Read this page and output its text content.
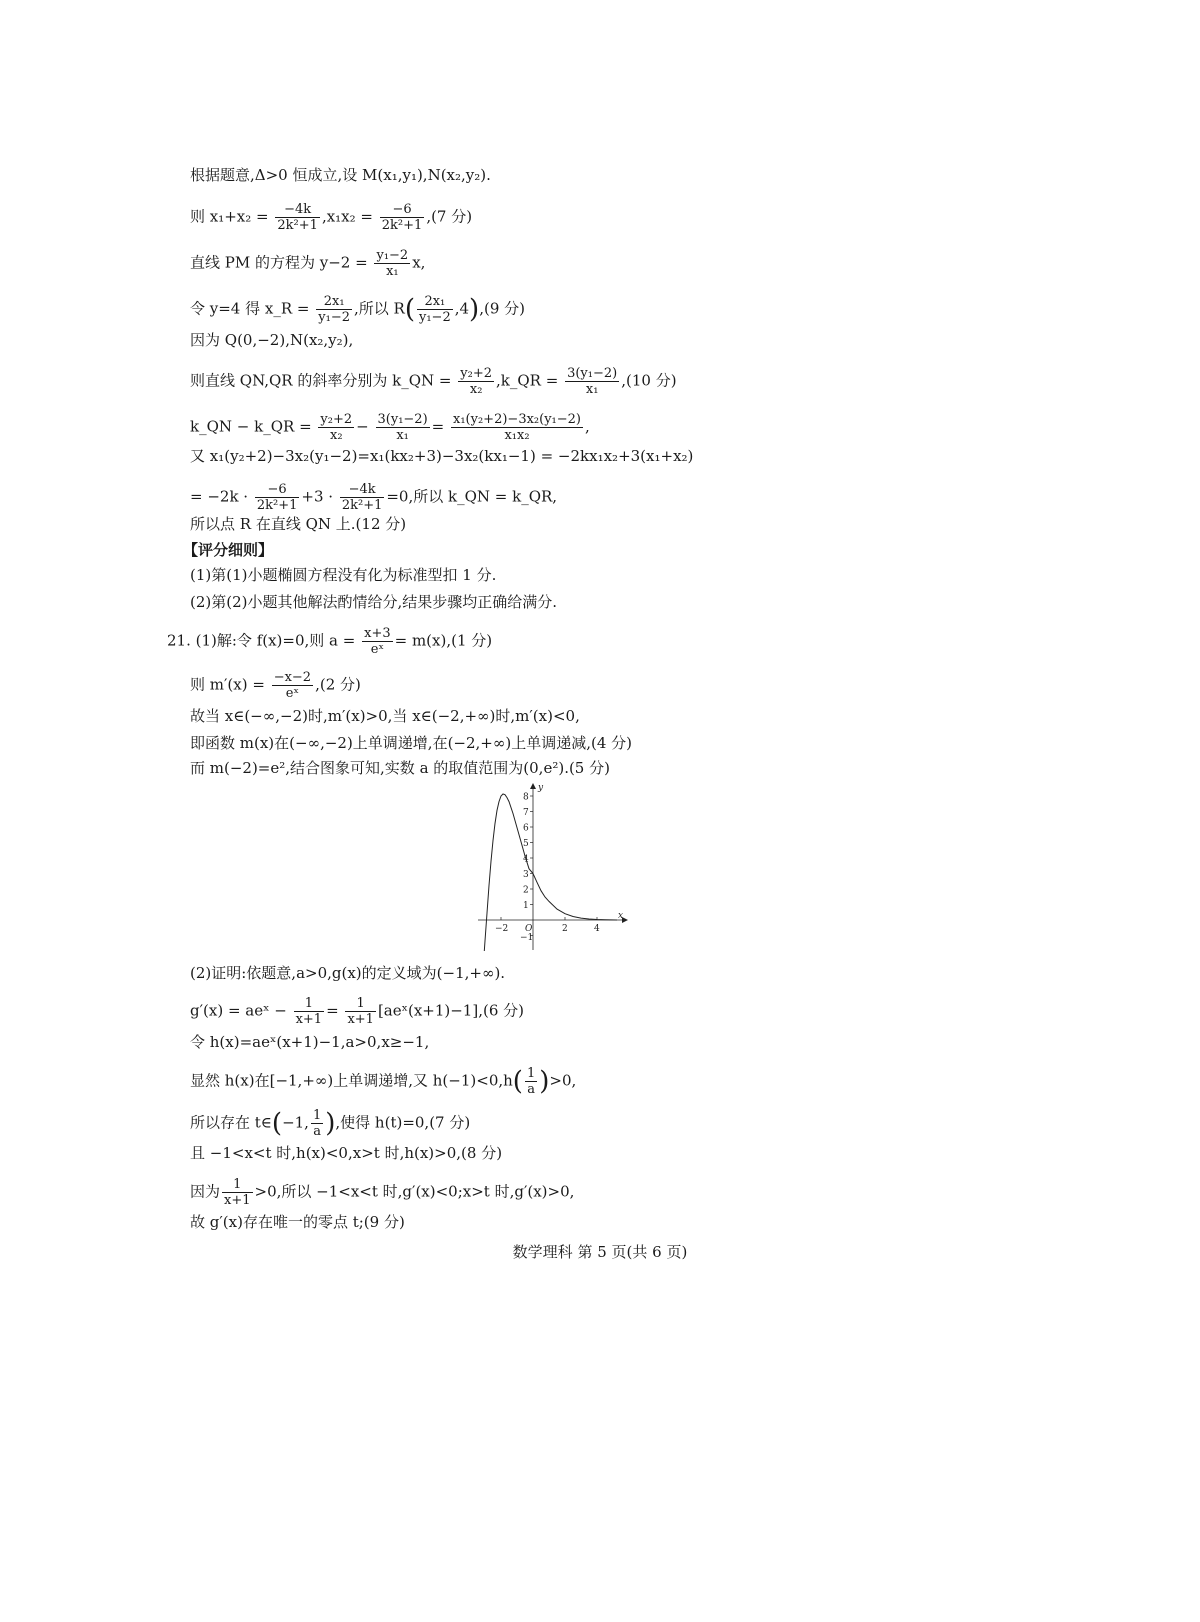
根据题意,Δ>0 恒成立,设 M(x₁,y₁),N(x₂,y₂).
则 $x_1+x_2 = \frac{-4k}{\text{2k²+1}} ,x_1x_2 = \frac{-6}{\text{2k²+1}} ,(7$ 分)
直线 PM 的方程为 $y-2 = \frac{\text{y₁−2}}{\text{x₁}} x$,
令 y=4 得 x_R = $\frac{\text{2x₁}}{\text{y₁−2}}$ ,所以 $R( \frac{\text{2x₁}}{\text{y₁−2}} ,4),(9$ 分)
因为 Q(0,−2),N(x₂,y₂),
则直线 QN,QR 的斜率分别为 k_QN = $\frac{\text{y₂+2}}{\text{x₂}}$ ,k_QR = $\frac{\text{3(y₁−2)}}{\text{x₁}} ,(10$ 分)
k_QN − k_QR = $\frac{\text{y₂+2}}{\text{x₂}} - \frac{\text{3(y₁−2)}}{\text{x₁}} = \frac{\text{x₁(y₂+2)−3x₂(y₁−2)}}{\text{x₁x₂}}$ ,
又 x₁(y₂+2)−3x₂(y₁−2)=x₁(kx₂+3)−3x₂(kx₁−1) = −2kx₁x₂+3(x₁+x₂)
= $-2k \cdot \frac{-6}{\text{2k²+1}} +3 \cdot \frac{-4k}{\text{2k²+1}} =0$,所以 k_QN = k_QR,
所以点 R 在直线 QN 上.(12 分)
【评分细则】
(1)第(1)小题椭圆方程没有化为标准型扣 1 分.
(2)第(2)小题其他解法酌情给分,结果步骤均正确给满分.
21. (1)解:令 f(x)=0,则 $a = \frac{x+3}{\text{eˣ}} = m(x),(1$ 分)
则 $m'(x) = \frac{-x-2}{\text{eˣ}} ,(2$ 分)
故当 x∈(−∞,−2)时,m′(x)>0,当 x∈(−2,+∞)时,m′(x)<0,
即函数 m(x)在(−∞,−2)上单调递增,在(−2,+∞)上单调递减,(4 分)
而 m(−2)=e²,结合图象可知,实数 a 的取值范围为(0,e²).(5 分)
y
x
O
−2	2	4
1
2
3
4
5
6
7
8
−1
(2)证明:依题意,a>0,g(x)的定义域为(−1,+∞).
g′(x) = aeˣ − $\frac{1}{x+1} = \frac{1}{x+1}$ [aeˣ(x+1)−1],(6 分)
令 h(x)=aeˣ(x+1)−1,a>0,x≥−1,
显然 h(x)在[−1,+∞)上单调递增,又 $h(-1)<0,h( \frac{1}{a} )>0$,
所以存在 t∈(−1, $\frac{1}{a}$ ),使得 h(t)=0,(7 分)
且 −1<x<t 时,h(x)<0,x>t 时,h(x)>0,(8 分)
因为 $\frac{1}{x+1} >0$,所以 −1<x<t 时,g′(x)<0;x>t 时,g′(x)>0,
故 g′(x)存在唯一的零点 t;(9 分)
数学理科 第 5 页(共 6 页)
